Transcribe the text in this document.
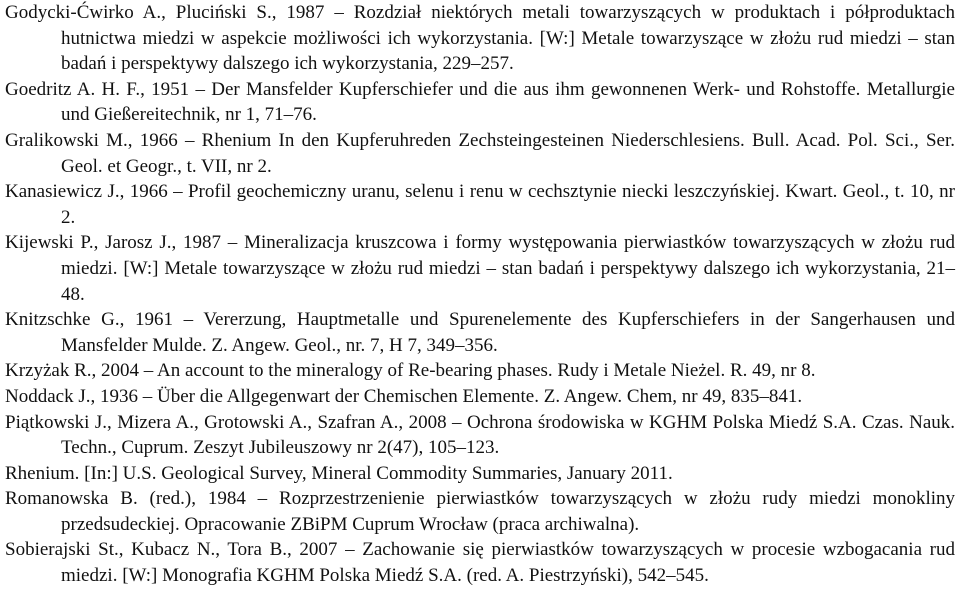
Godycki-Ćwirko A., Pluciński S., 1987 – Rozdział niektórych metali towarzyszących w produktach i półproduktach hutnictwa miedzi w aspekcie możliwości ich wykorzystania. [W:] Metale towarzyszące w złożu rud miedzi – stan badań i perspektywy dalszego ich wykorzystania, 229–257.
Goedritz A. H. F., 1951 – Der Mansfelder Kupferschiefer und die aus ihm gewonnenen Werk- und Rohstoffe. Metallurgie und Gießereitechnik, nr 1, 71–76.
Gralikowski M., 1966 – Rhenium In den Kupferuhreden Zechsteingesteinen Niederschlesiens. Bull. Acad. Pol. Sci., Ser. Geol. et Geogr., t. VII, nr 2.
Kanasiewicz J., 1966 – Profil geochemiczny uranu, selenu i renu w cechsztynie niecki leszczyńskiej. Kwart. Geol., t. 10, nr 2.
Kijewski P., Jarosz J., 1987 – Mineralizacja kruszcowa i formy występowania pierwiastków towarzyszących w złożu rud miedzi. [W:] Metale towarzyszące w złożu rud miedzi – stan badań i perspektywy dalszego ich wykorzystania, 21–48.
Knitzschke G., 1961 – Vererzung, Hauptmetalle und Spurenelemente des Kupferschiefers in der Sangerhausen und Mansfelder Mulde. Z. Angew. Geol., nr. 7, H 7, 349–356.
Krzyżak R., 2004 – An account to the mineralogy of Re-bearing phases. Rudy i Metale Nieżel. R. 49, nr 8.
Noddack J., 1936 – Über die Allgegenwart der Chemischen Elemente. Z. Angew. Chem, nr 49, 835–841.
Piątkowski J., Mizera A., Grotowski A., Szafran A., 2008 – Ochrona środowiska w KGHM Polska Miedź S.A. Czas. Nauk. Techn., Cuprum. Zeszyt Jubileuszowy nr 2(47), 105–123.
Rhenium. [In:] U.S. Geological Survey, Mineral Commodity Summaries, January 2011.
Romanowska B. (red.), 1984 – Rozprzestrzenienie pierwiastków towarzyszących w złożu rudy miedzi monokliny przedsudeckiej. Opracowanie ZBiPM Cuprum Wrocław (praca archiwalna).
Sobierajski St., Kubacz N., Tora B., 2007 – Zachowanie się pierwiastków towarzyszących w procesie wzbogacania rud miedzi. [W:] Monografia KGHM Polska Miedź S.A. (red. A. Piestrzyński), 542–545.
